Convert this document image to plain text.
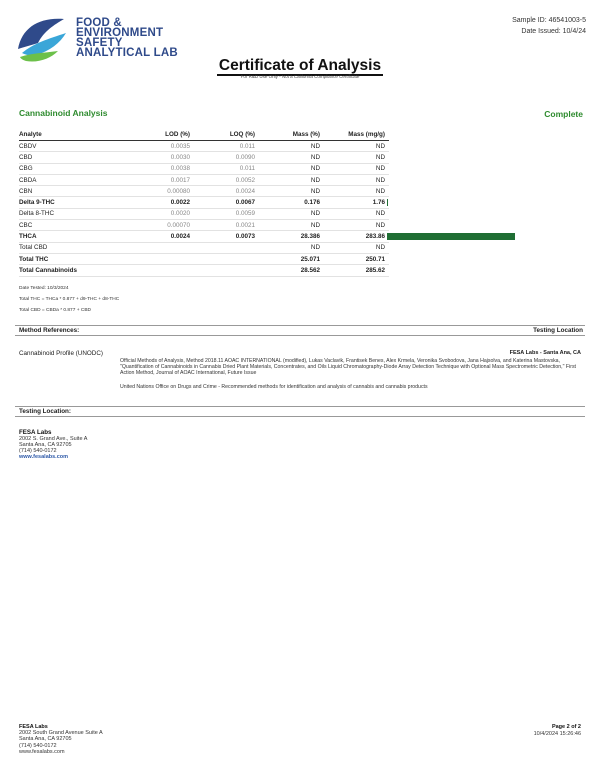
FOOD &
ENVIRONMENT
SAFETY
ANALYTICAL LAB
Sample ID: 46541003-5
Date Issued: 10/4/24
Certificate of Analysis
For R&D Use Only - Not a California Compliance Certificate
Cannabinoid Analysis	Complete
Analyte	LOD (%)	LOQ (%)	Mass (%)	Mass (mg/g)
CBDV	0.0035	0.011	ND	ND
CBD	0.0030	0.0090	ND	ND
CBG	0.0038	0.011	ND	ND
CBDA	0.0017	0.0052	ND	ND
CBN	0.00080	0.0024	ND	ND
Delta 9-THC	0.0022	0.0067	0.176	1.76
Delta 8-THC	0.0020	0.0059	ND	ND
CBC	0.00070	0.0021	ND	ND
THCA	0.0024	0.0073	28.386	283.86
Total CBD			ND	ND
Total THC			25.071	250.71
Total Cannabinoids			28.562	285.62
Date Tested: 10/3/2024
Total THC = THCa * 0.877 + d9-THC + d8-THC
Total CBD = CBDa * 0.877 + CBD
Method References:	Testing Location
Cannabinoid Profile (UNODC)	FESA Labs - Santa Ana, CA
Official Methods of Analysis, Method 2018.11 AOAC INTERNATIONAL (modified), Lukas Vaclavik, Frantisek Benes, Alex Krmela, Veronika Svobodova, Jana Hajsolva, and Katerina Mastovska, "Quantification of Cannabinoids in Cannabis Dried Plant Materials, Concentrates, and Oils Liquid Chromatography-Diode Array Detection Technique with Optional Mass Spectrometric Detection," First Action Method, Journal of AOAC International, Future Issue
United Nations Office on Drugs and Crime - Recommended methods for identification and analysis of cannabis and cannabis products
Testing Location:
FESA Labs
2002 S. Grand Ave., Suite A
Santa Ana, CA 92705
(714) 540-0172
www.fesalabs.com
FESA Labs
2002 South Grand Avenue Suite A
Santa Ana, CA 92705
(714) 540-0172
www.fesalabs.com
Page 2 of 2
10/4/2024 15:26:46
